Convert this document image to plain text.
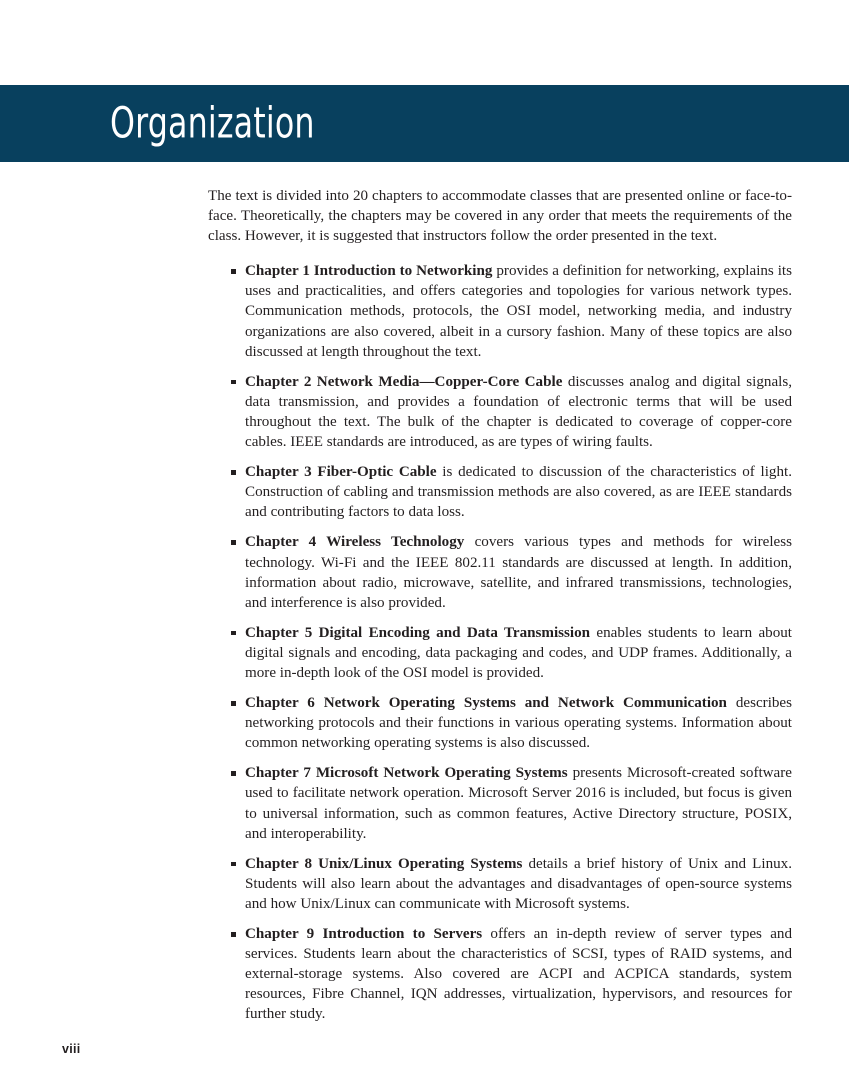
Organization

The text is divided into 20 chapters to accommodate classes that are presented online or face-to-face. Theoretically, the chapters may be covered in any order that meets the requirements of the class. However, it is suggested that instructors follow the order presented in the text.

Chapter 1 Introduction to Networking provides a definition for networking, explains its uses and practicalities, and offers categories and topologies for various network types. Communication methods, protocols, the OSI model, networking media, and industry organizations are also covered, albeit in a cursory fashion. Many of these topics are also discussed at length throughout the text.
Chapter 2 Network Media—Copper-Core Cable discusses analog and digital signals, data transmission, and provides a foundation of electronic terms that will be used throughout the text. The bulk of the chapter is dedicated to coverage of copper-core cables. IEEE standards are introduced, as are types of wiring faults.
Chapter 3 Fiber-Optic Cable is dedicated to discussion of the characteristics of light. Construction of cabling and transmission methods are also covered, as are IEEE standards and contributing factors to data loss.
Chapter 4 Wireless Technology covers various types and methods for wireless technology. Wi-Fi and the IEEE 802.11 standards are discussed at length. In addition, information about radio, microwave, satellite, and infrared transmissions, technologies, and interference is also provided.
Chapter 5 Digital Encoding and Data Transmission enables students to learn about digital signals and encoding, data packaging and codes, and UDP frames. Additionally, a more in-depth look of the OSI model is provided.
Chapter 6 Network Operating Systems and Network Communication describes networking protocols and their functions in various operating systems. Information about common networking operating systems is also discussed.
Chapter 7 Microsoft Network Operating Systems presents Microsoft-created software used to facilitate network operation. Microsoft Server 2016 is included, but focus is given to universal information, such as common features, Active Directory structure, POSIX, and interoperability.
Chapter 8 Unix/Linux Operating Systems details a brief history of Unix and Linux. Students will also learn about the advantages and disadvantages of open-source systems and how Unix/Linux can communicate with Microsoft systems.
Chapter 9 Introduction to Servers offers an in-depth review of server types and services. Students learn about the characteristics of SCSI, types of RAID systems, and external-storage systems. Also covered are ACPI and ACPICA standards, system resources, Fibre Channel, IQN addresses, virtualization, hypervisors, and resources for further study.
viii
